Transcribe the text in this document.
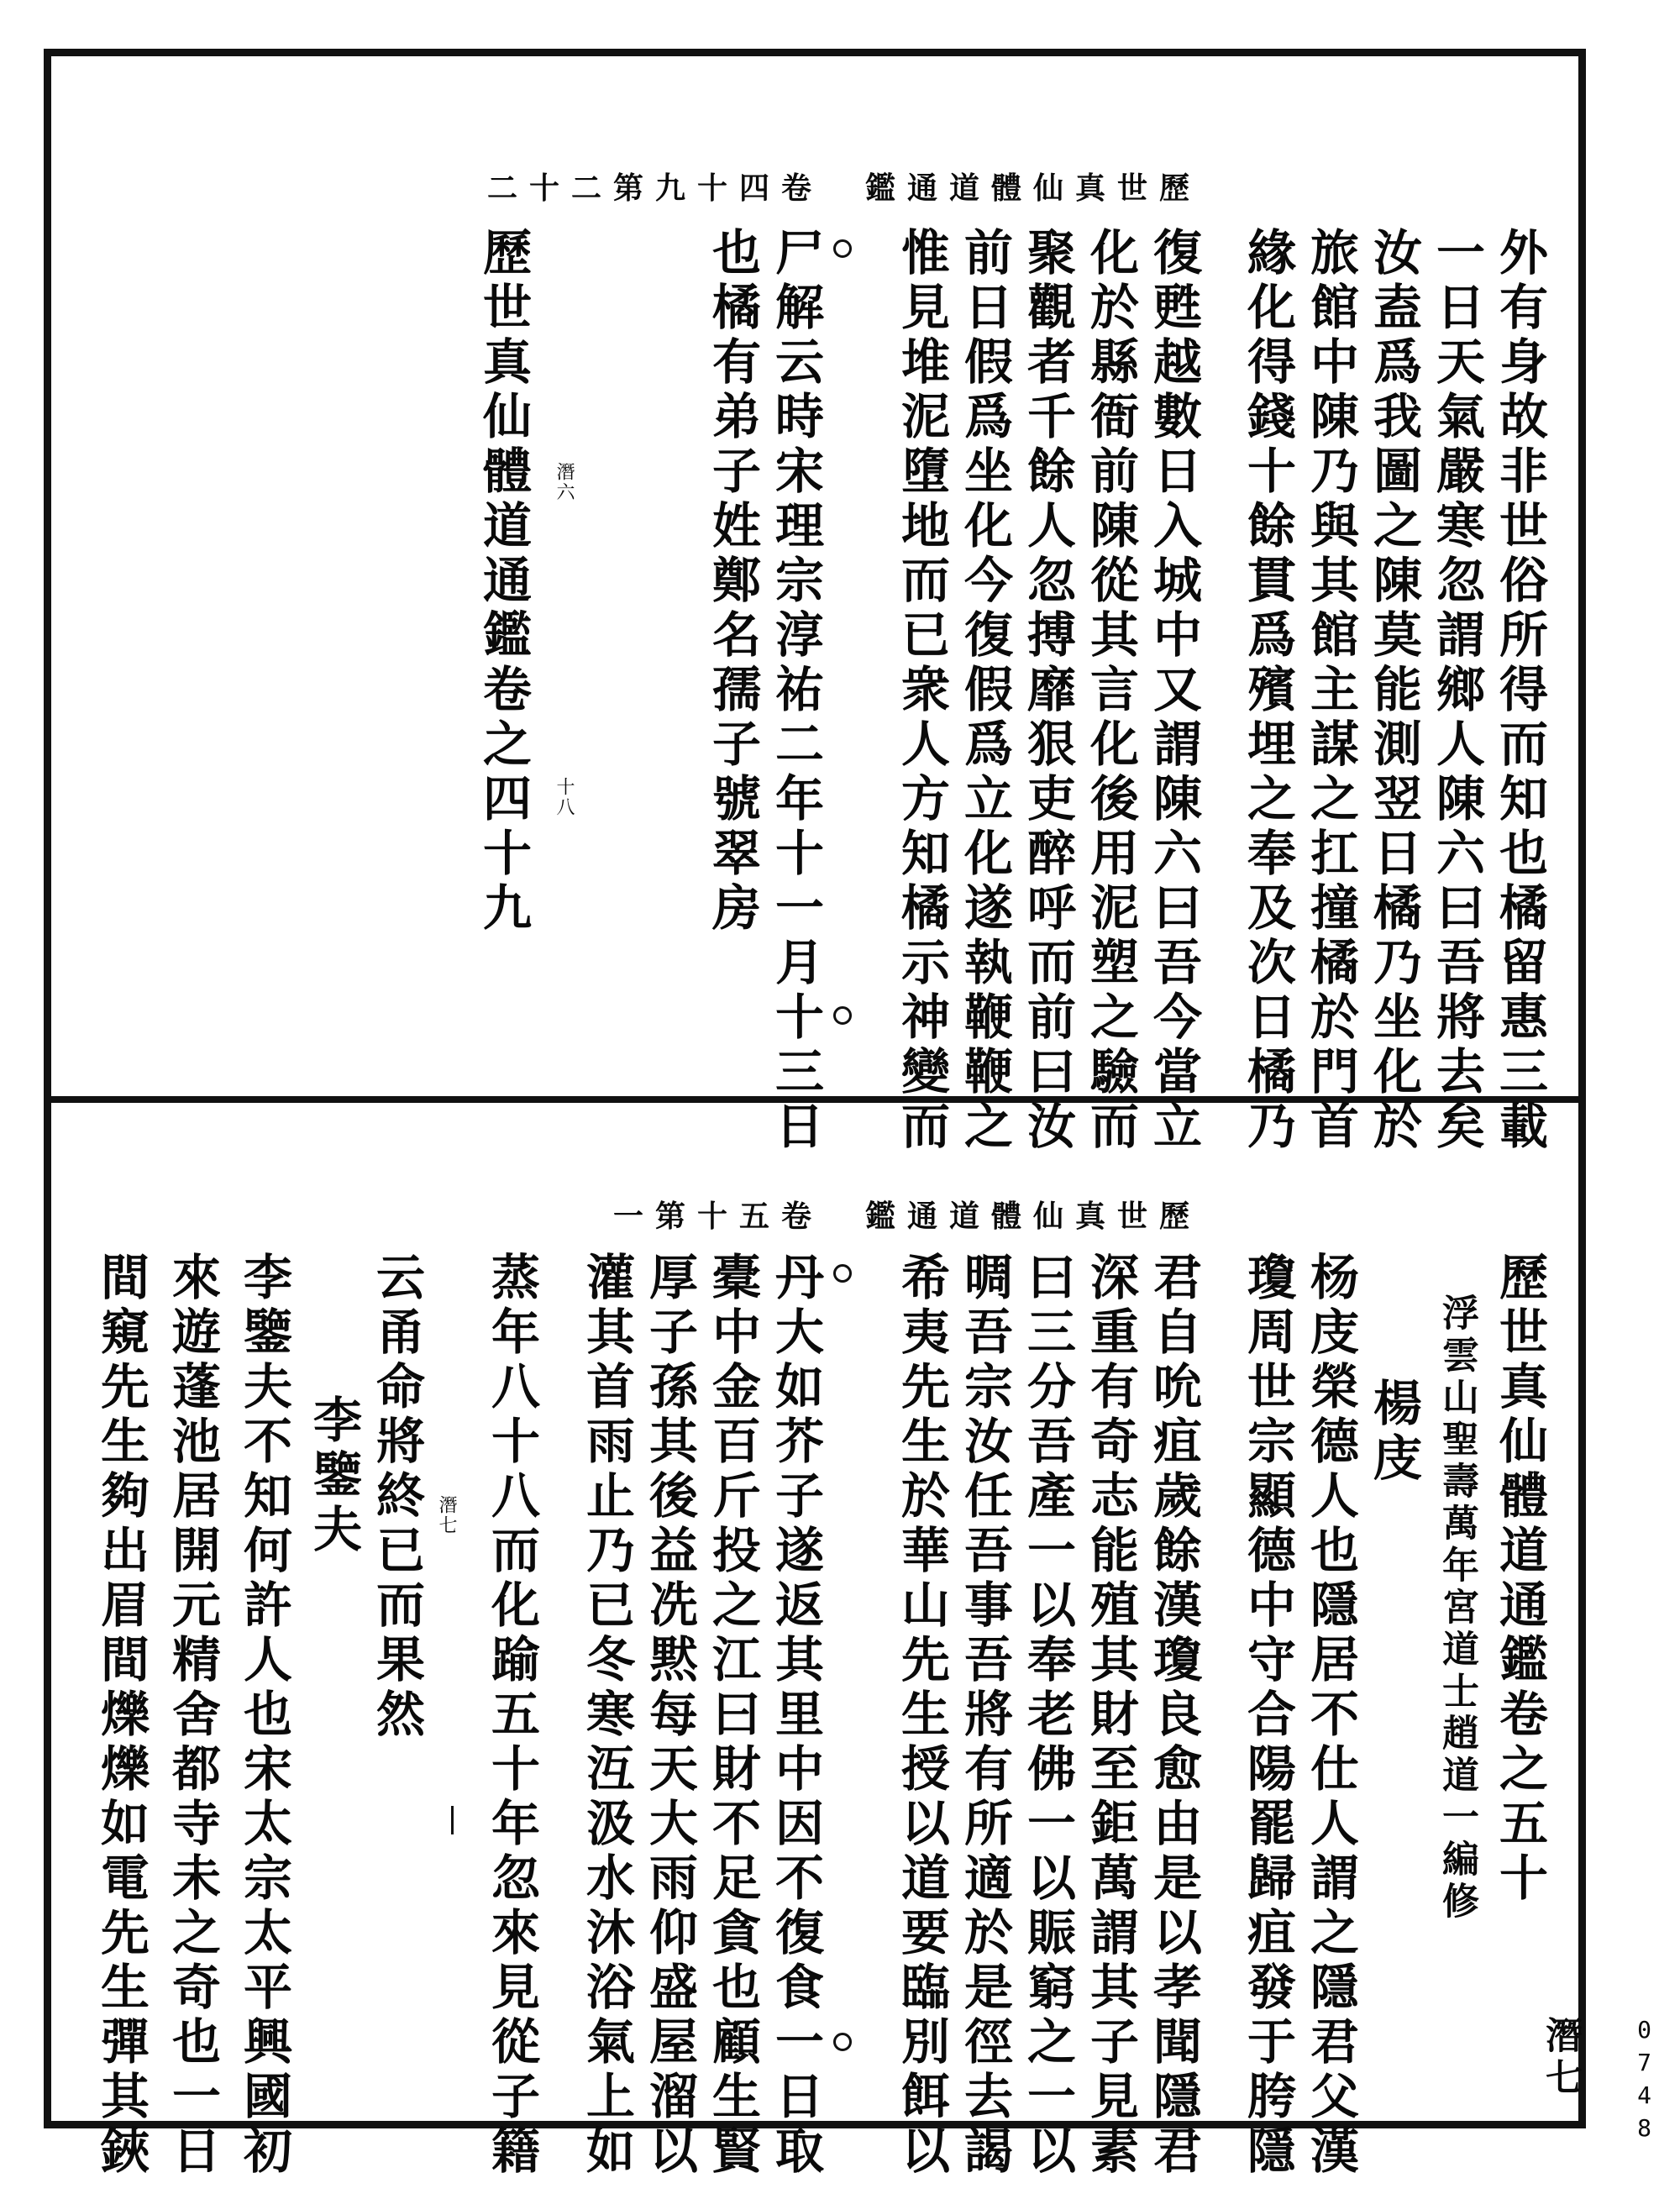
二十二第九十四卷　鑑通道體仙真世歷
外有身故非世俗所得而知也橘留惠三載
緣化得錢十餘貫爲殯埋之奉及次日橘乃 旅館中陳乃與其館主謀之扛撞橘於門首 汝盍爲我圖之陳莫能測翌日橘乃坐化於 一日天氣嚴寒忽謂鄉人陳六曰吾將去矣
復甦越數日入城中又謂陳六曰吾今當立
化於縣衙前陳從其言化後用泥塑之驗而
聚觀者千餘人忽搏靡狠吏醉呼而前曰汝
前日假爲坐化今復假爲立化遂執鞭鞭之
惟見堆泥墮地而已衆人方知橘示神變而
尸解云時宋理宗淳祐二年十一月十三日
也橘有弟子姓鄭名孺子號翠房
歷世真仙體道通鑑卷之四十九 潛六
十八
一第十五卷　鑑通道體仙真世歷
歷世真仙體道通鑑卷之五十
潛七
浮雲山聖壽萬年宮道士趙道一編修
楊庋
杨庋榮德人也隱居不仕人謂之隱君父漢
瓊周世宗顯德中守合陽罷歸疽發于胯隱
君自吮疽歲餘漢瓊良愈由是以孝聞隱君
深重有奇志能殖其財至鉅萬謂其子見素
曰三分吾產一以奉老佛一以賑窮之一以
晭吾宗汝任吾事吾將有所適於是徑去謁
希夷先生於華山先生授以道要臨別餌以
丹大如芥子遂返其里中因不復食一日取
橐中金百斤投之江曰財不足貪也顧生賢
厚子孫其後益冼黙每天大雨仰盛屋溜以
灌其首雨止乃已冬寒沍汲水沐浴氣上如
蒸年八十八而化踰五十年忽來見從子籍
云甬命將終已而果然 潛七
李鑒夫
李鑒夫不知何許人也宋太宗太平興國初
來遊蓬池居開元精舍都寺未之奇也一日
間窺先生夠出眉間爍爍如電先生彈其鋏	0748
